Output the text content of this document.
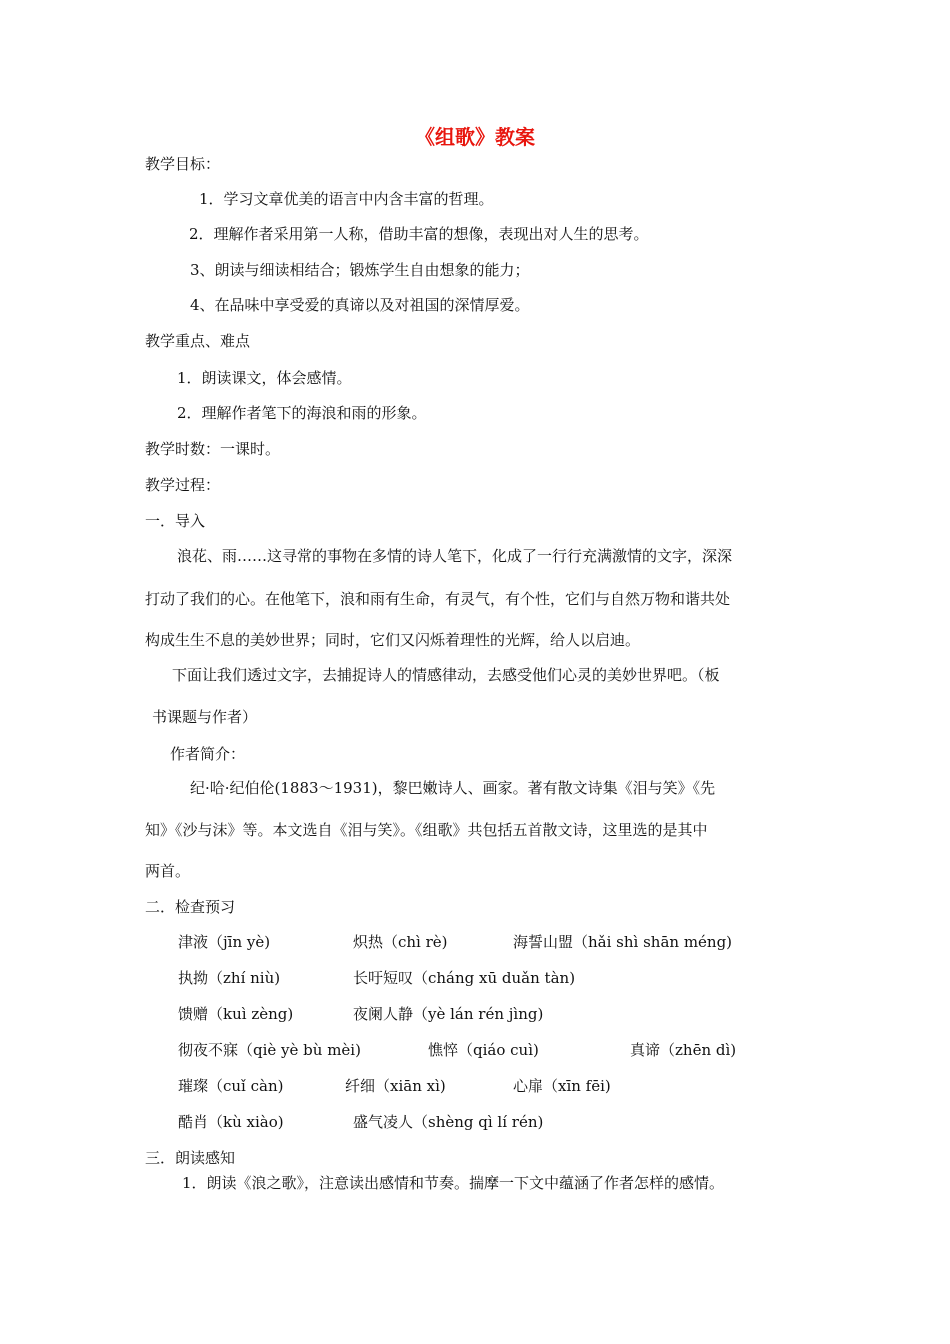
《组歌》教案
教学目标：
1．学习文章优美的语言中内含丰富的哲理。
2．理解作者采用第一人称，借助丰富的想像，表现出对人生的思考。
3、朗读与细读相结合；锻炼学生自由想象的能力；
4、在品味中享受爱的真谛以及对祖国的深情厚爱。
教学重点、难点
1．朗读课文，体会感情。
2．理解作者笔下的海浪和雨的形象。
教学时数：一课时。
教学过程：
一．导入
浪花、雨……这寻常的事物在多情的诗人笔下，化成了一行行充满激情的文字，深深
打动了我们的心。在他笔下，浪和雨有生命，有灵气，有个性，它们与自然万物和谐共处
构成生生不息的美妙世界；同时，它们又闪烁着理性的光辉，给人以启迪。
下面让我们透过文字，去捕捉诗人的情感律动，去感受他们心灵的美妙世界吧。（板
书课题与作者）
作者简介：
纪·哈·纪伯伦(1883～1931)，黎巴嫩诗人、画家。著有散文诗集《泪与笑》《先
知》《沙与沫》等。本文选自《泪与笑》。《组歌》共包括五首散文诗，这里选的是其中
两首。
二．检查预习
津液（jīn yè)	炽热（chì rè)	海誓山盟（hǎi shì shān méng)
执拗（zhí niù)	长吁短叹（cháng xū duǎn tàn)
馈赠（kuì zèng)	夜阑人静（yè lán rén jìng)
彻夜不寐（qiè yè bù mèi)	憔悴（qiáo cuì)	真谛（zhēn dì)
璀璨（cuǐ càn)	纤细（xiān xì)	心扉（xīn fēi)
酷肖（kù xiào)	盛气凌人（shèng qì lí rén)
三．朗读感知
1．朗读《浪之歌》，注意读出感情和节奏。揣摩一下文中蕴涵了作者怎样的感情。
